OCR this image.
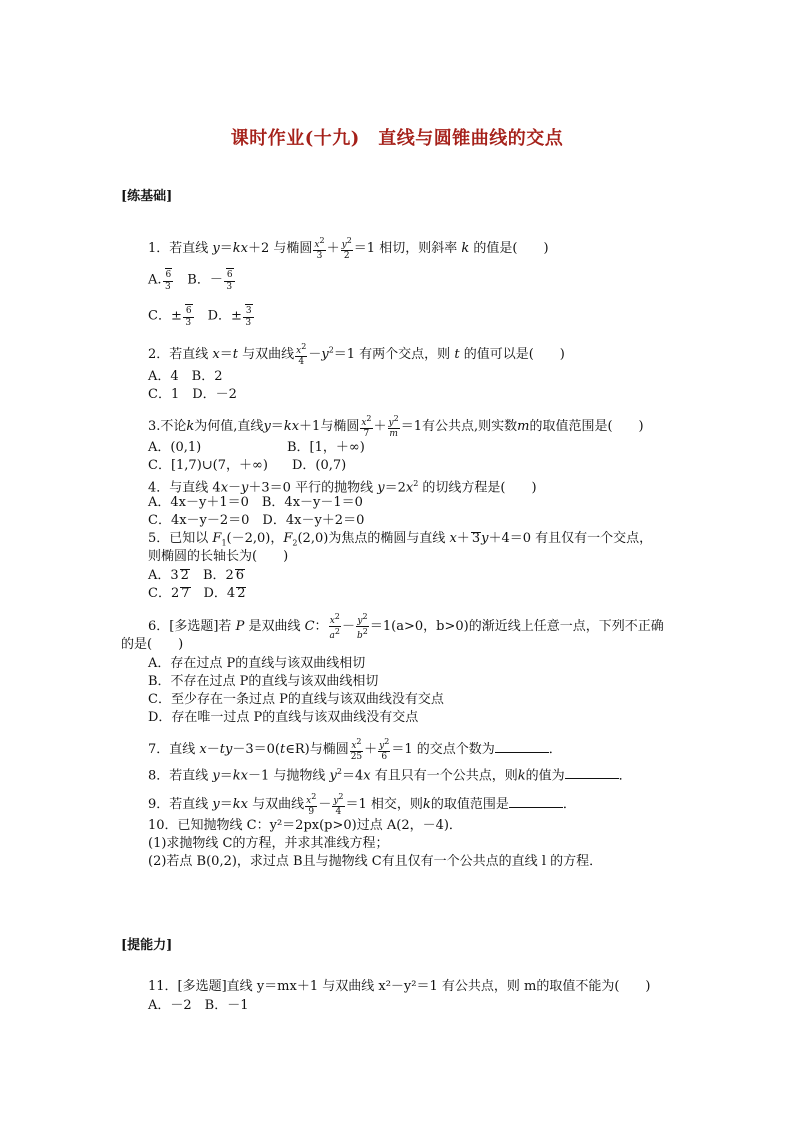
课时作业(十九)　直线与圆锥曲线的交点
[练基础]
1．若直线 y＝kx＋2 与椭圆 $\frac{x^2}{3} + \frac{y^2}{2} =1$ 相切，则斜率 k 的值是(　　)
A. $\frac{6}{3}$ 　B．－ $\frac{6}{3}$
C．± $\frac{6}{3}$ 　D．± $\frac{3}{3}$
2．若直线 x＝t 与双曲线 $\frac{x^2}{4} -y^2=1$ 有两个交点，则 t 的值可以是(　　)
A．4　B．2
C．1　D．－2
3.不论k为何值,直线y＝kx＋1与椭圆 $\frac{x^2}{7} + \frac{y^2}{m} =1$有公共点,则实数m的取值范围是(　　)
A．(0,1)	B．[1，＋∞)
C．[1,7)∪(7，＋∞) D．(0,7)
4．与直线 4x－y＋3＝0 平行的抛物线 $y=2x^2$ 的切线方程是(　　)
A．4x－y＋1＝0　B．4x－y－1＝0
C．4x－y－2＝0　D．4x－y＋2＝0
5．已知以 $F_1(-2,0)$，$F_2(2,0)$为焦点的椭圆与直线 x＋ 3y＋4＝0 有且仅有一个交点，
则椭圆的长轴长为(　　)
A．3 2　B．2 6
C．2 7　D．4 2
6．[多选题]若 P 是双曲线 C： $\frac{x^2}{a^2} - \frac{y^2}{b^2} =1(a>0$，b>0)的渐近线上任意一点，下列不正确
的是(　　)
A．存在过点 P的直线与该双曲线相切
B．不存在过点 P的直线与该双曲线相切
C．至少存在一条过点 P的直线与该双曲线没有交点
D．存在唯一过点 P的直线与该双曲线没有交点
7．直线 x－ty－3＝0(t∈R)与椭圆 $\frac{x^2}{25} + \frac{y^2}{6} =1$ 的交点个数为	．
8．若直线 y＝kx－1 与抛物线 $y^2=4x$ 有且只有一个公共点，则k的值为	．
9．若直线 y＝kx 与双曲线 $\frac{x^2}{9} - \frac{y^2}{4} =1$ 相交，则k的取值范围是	．
10．已知抛物线 C：y²＝2px(p>0)过点 A(2，－4)．
(1)求抛物线 C的方程，并求其准线方程；
(2)若点 B(0,2)，求过点 B且与抛物线 C有且仅有一个公共点的直线 l 的方程．
[提能力]
11．[多选题]直线 y＝mx＋1 与双曲线 x²－y²＝1 有公共点，则 m的取值不能为(　　)
A．－2　B．－1
